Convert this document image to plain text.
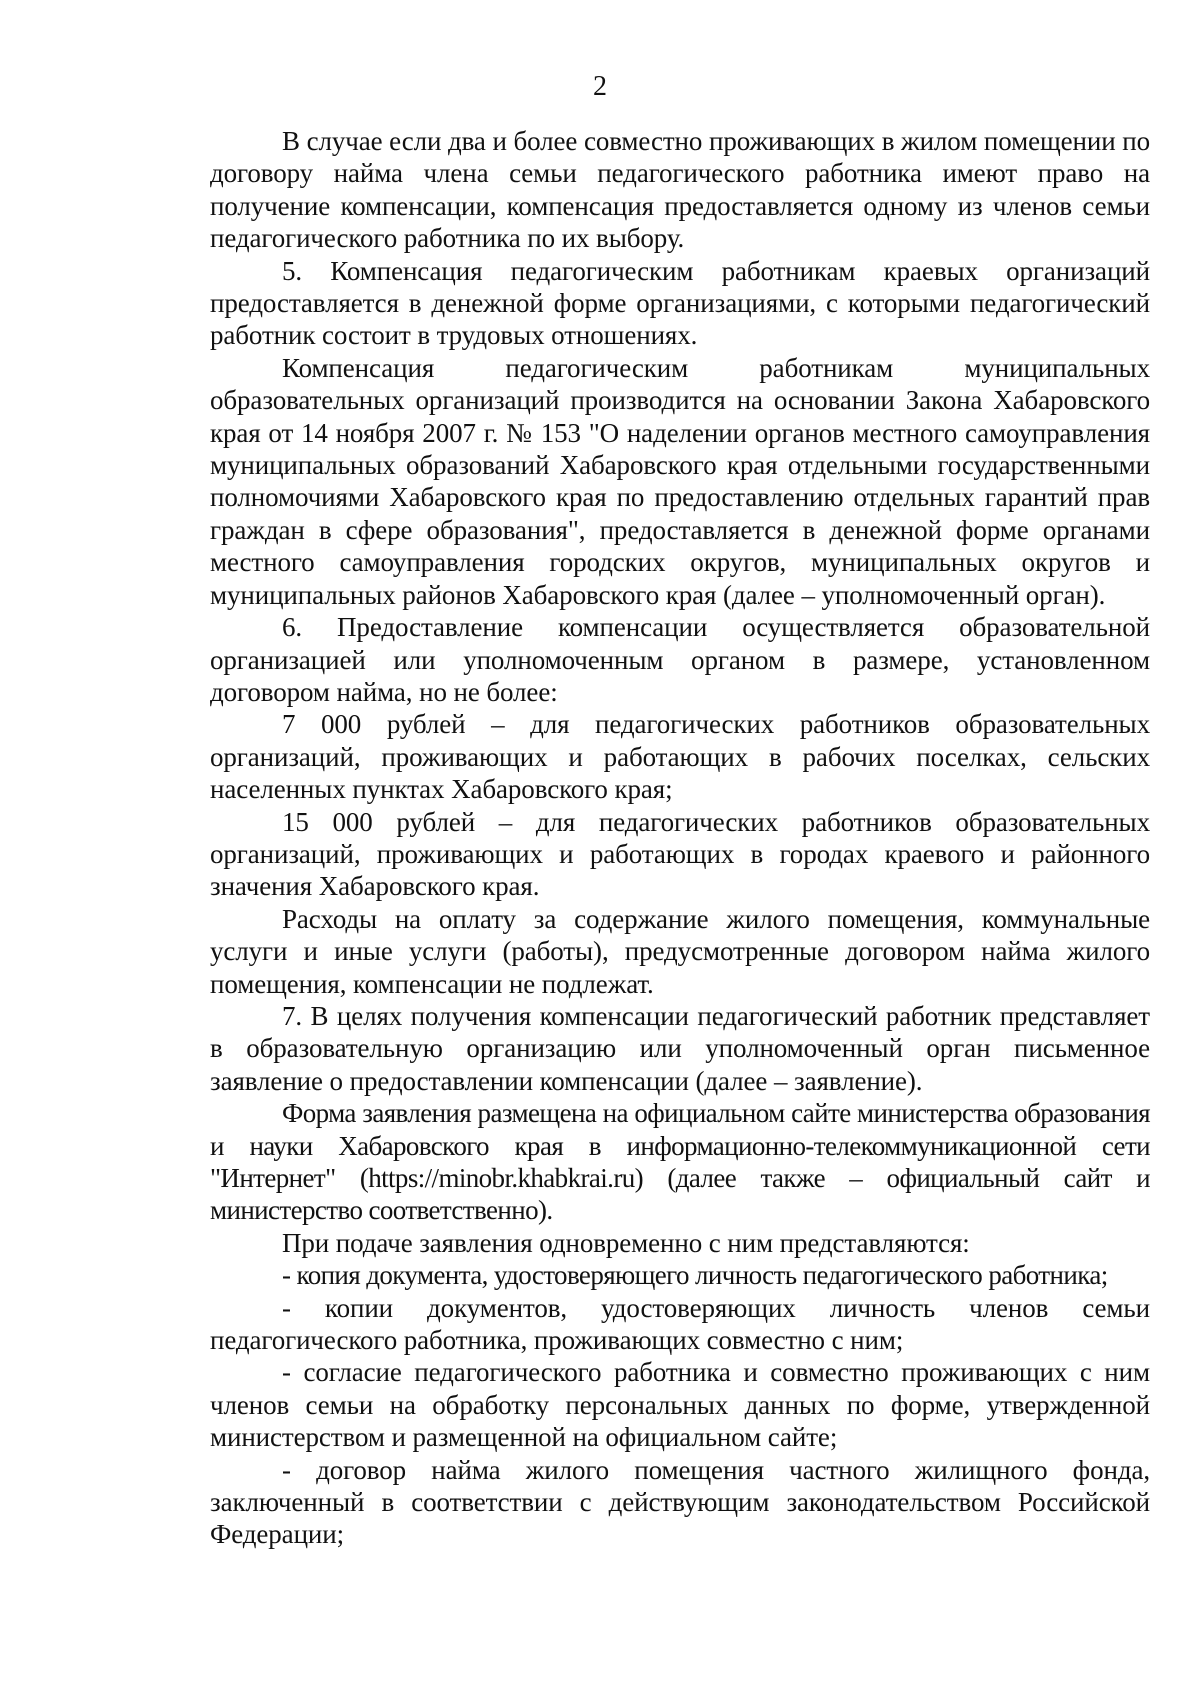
2

В случае если два и более совместно проживающих в жилом помещении по договору найма члена семьи педагогического работника имеют право на получение компенсации, компенсация предоставляется одному из членов семьи педагогического работника по их выбору.

5. Компенсация педагогическим работникам краевых организаций предоставляется в денежной форме организациями, с которыми педагогический работник состоит в трудовых отношениях.

Компенсация педагогическим работникам муниципальных образовательных организаций производится на основании Закона Хабаровского края от 14 ноября 2007 г. № 153 "О наделении органов местного самоуправления муниципальных образований Хабаровского края отдельными государственными полномочиями Хабаровского края по предоставлению отдельных гарантий прав граждан в сфере образования", предоставляется в денежной форме органами местного самоуправления городских округов, муниципальных округов и муниципальных районов Хабаровского края (далее – уполномоченный орган).

6. Предоставление компенсации осуществляется образовательной организацией или уполномоченным органом в размере, установленном договором найма, но не более:

7 000 рублей – для педагогических работников образовательных организаций, проживающих и работающих в рабочих поселках, сельских населенных пунктах Хабаровского края;

15 000 рублей – для педагогических работников образовательных организаций, проживающих и работающих в городах краевого и районного значения Хабаровского края.

Расходы на оплату за содержание жилого помещения, коммунальные услуги и иные услуги (работы), предусмотренные договором найма жилого помещения, компенсации не подлежат.

7. В целях получения компенсации педагогический работник представляет в образовательную организацию или уполномоченный орган письменное заявление о предоставлении компенсации (далее – заявление).

Форма заявления размещена на официальном сайте министерства образования и науки Хабаровского края в информационно-телекоммуникационной сети "Интернет" (https://minobr.khabkrai.ru) (далее также – официальный сайт и министерство соответственно).

При подаче заявления одновременно с ним представляются:

- копия документа, удостоверяющего личность педагогического работника;

- копии документов, удостоверяющих личность членов семьи педагогического работника, проживающих совместно с ним;

- согласие педагогического работника и совместно проживающих с ним членов семьи на обработку персональных данных по форме, утвержденной министерством и размещенной на официальном сайте;

- договор найма жилого помещения частного жилищного фонда, заключенный в соответствии с действующим законодательством Российской Федерации;
